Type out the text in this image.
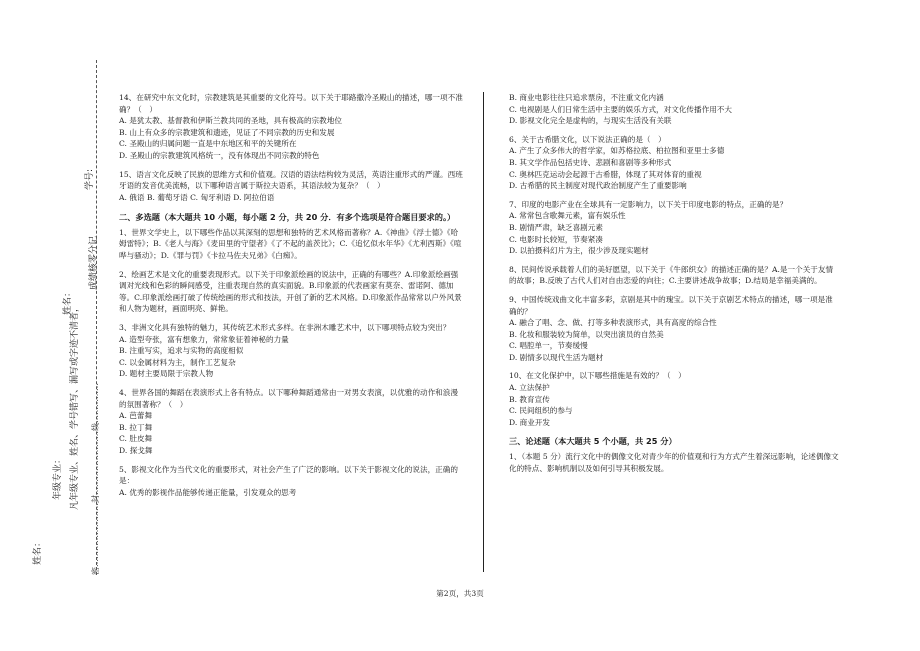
学号:
成绩核零分记
姓名：
凡年级专业、姓名、学号错写、漏写或字迹不清者，
年级专业：	密……………………封……………………线……………
姓名：

14、在研究中东文化时，宗教建筑是其重要的文化符号。以下关于耶路撒冷圣殿山的描述，哪一项不准确？（　）

A. 是犹太教、基督教和伊斯兰教共同的圣地，具有极高的宗教地位

B. 山上有众多的宗教建筑和遗迹，见证了不同宗教的历史和发展

C. 圣殿山的归属问题一直是中东地区和平的关键所在

D. 圣殿山的宗教建筑风格统一，没有体现出不同宗教的特色

15、语言文化反映了民族的思维方式和价值观。汉语的语法结构较为灵活，英语注重形式的严谨。西班牙语的发音优美流畅，以下哪种语言属于斯拉夫语系，其语法较为复杂？（　）

A. 俄语 B. 葡萄牙语 C. 匈牙利语 D. 阿拉伯语

二、多选题（本大题共 10 小题，每小题 2 分，共 20 分．有多个选项是符合题目要求的。）

1、世界文学史上，以下哪些作品以其深刻的思想和独特的艺术风格而著称？A.《神曲》《浮士德》《哈姆雷特》；B.《老人与海》《麦田里的守望者》《了不起的盖茨比》；C.《追忆似水年华》《尤利西斯》《喧哗与骚动》；D.《罪与罚》《卡拉马佐夫兄弟》《白痴》。

2、绘画艺术是文化的重要表现形式。以下关于印象派绘画的说法中，正确的有哪些？A.印象派绘画强调对光线和色彩的瞬间感受，注重表现自然的真实面貌。B.印象派的代表画家有莫奈、雷诺阿、德加等。C.印象派绘画打破了传统绘画的形式和技法，开创了新的艺术风格。D.印象派作品常常以户外风景和人物为题材，画面明亮、鲜艳。

3、非洲文化具有独特的魅力，其传统艺术形式多样。在非洲木雕艺术中，以下哪项特点较为突出？

A. 造型夸张，富有想象力，常常象征着神秘的力量

B. 注重写实，追求与实物的高度相似

C. 以金属材料为主，制作工艺复杂

D. 题材主要局限于宗教人物

4、世界各国的舞蹈在表演形式上各有特点。以下哪种舞蹈通常由一对男女表演，以优雅的动作和浪漫的氛围著称？（　）

A. 芭蕾舞

B. 拉丁舞

C. 肚皮舞

D. 探戈舞

5、影视文化作为当代文化的重要形式，对社会产生了广泛的影响。以下关于影视文化的说法，正确的是：

A. 优秀的影视作品能够传递正能量，引发观众的思考

B. 商业电影往往只追求票房，不注重文化内涵

C. 电视剧是人们日常生活中主要的娱乐方式，对文化传播作用不大

D. 影视文化完全是虚构的，与现实生活没有关联

6、关于古希腊文化，以下说法正确的是（　）

A. 产生了众多伟大的哲学家，如苏格拉底、柏拉图和亚里士多德

B. 其文学作品包括史诗、悲剧和喜剧等多种形式

C. 奥林匹克运动会起源于古希腊，体现了其对体育的重视

D. 古希腊的民主制度对现代政治制度产生了重要影响

7、印度的电影产业在全球具有一定影响力，以下关于印度电影的特点，正确的是？

A. 常常包含歌舞元素，富有娱乐性

B. 剧情严肃，缺乏喜剧元素

C. 电影时长较短，节奏紧凑

D. 以拍摄科幻片为主，很少涉及现实题材

8、民间传说承载着人们的美好愿望，以下关于《牛郎织女》的描述正确的是？A.是一个关于友情的故事；B.反映了古代人们对自由恋爱的向往；C.主要讲述战争故事；D.结局是幸福美满的。

9、中国传统戏曲文化丰富多彩，京剧是其中的瑰宝。以下关于京剧艺术特点的描述，哪一项是准确的？

A. 融合了唱、念、做、打等多种表演形式，具有高度的综合性

B. 化妆和服装较为简单，以突出演员的自然美

C. 唱腔单一，节奏缓慢

D. 剧情多以现代生活为题材

10、在文化保护中，以下哪些措施是有效的？（　）

A. 立法保护

B. 教育宣传

C. 民间组织的参与

D. 商业开发

三、论述题（本大题共 5 个小题，共 25 分）

1、（本题 5 分）流行文化中的偶像文化对青少年的价值观和行为方式产生着深远影响，论述偶像文化的特点、影响机制以及如何引导其积极发展。

第2页，共3页
